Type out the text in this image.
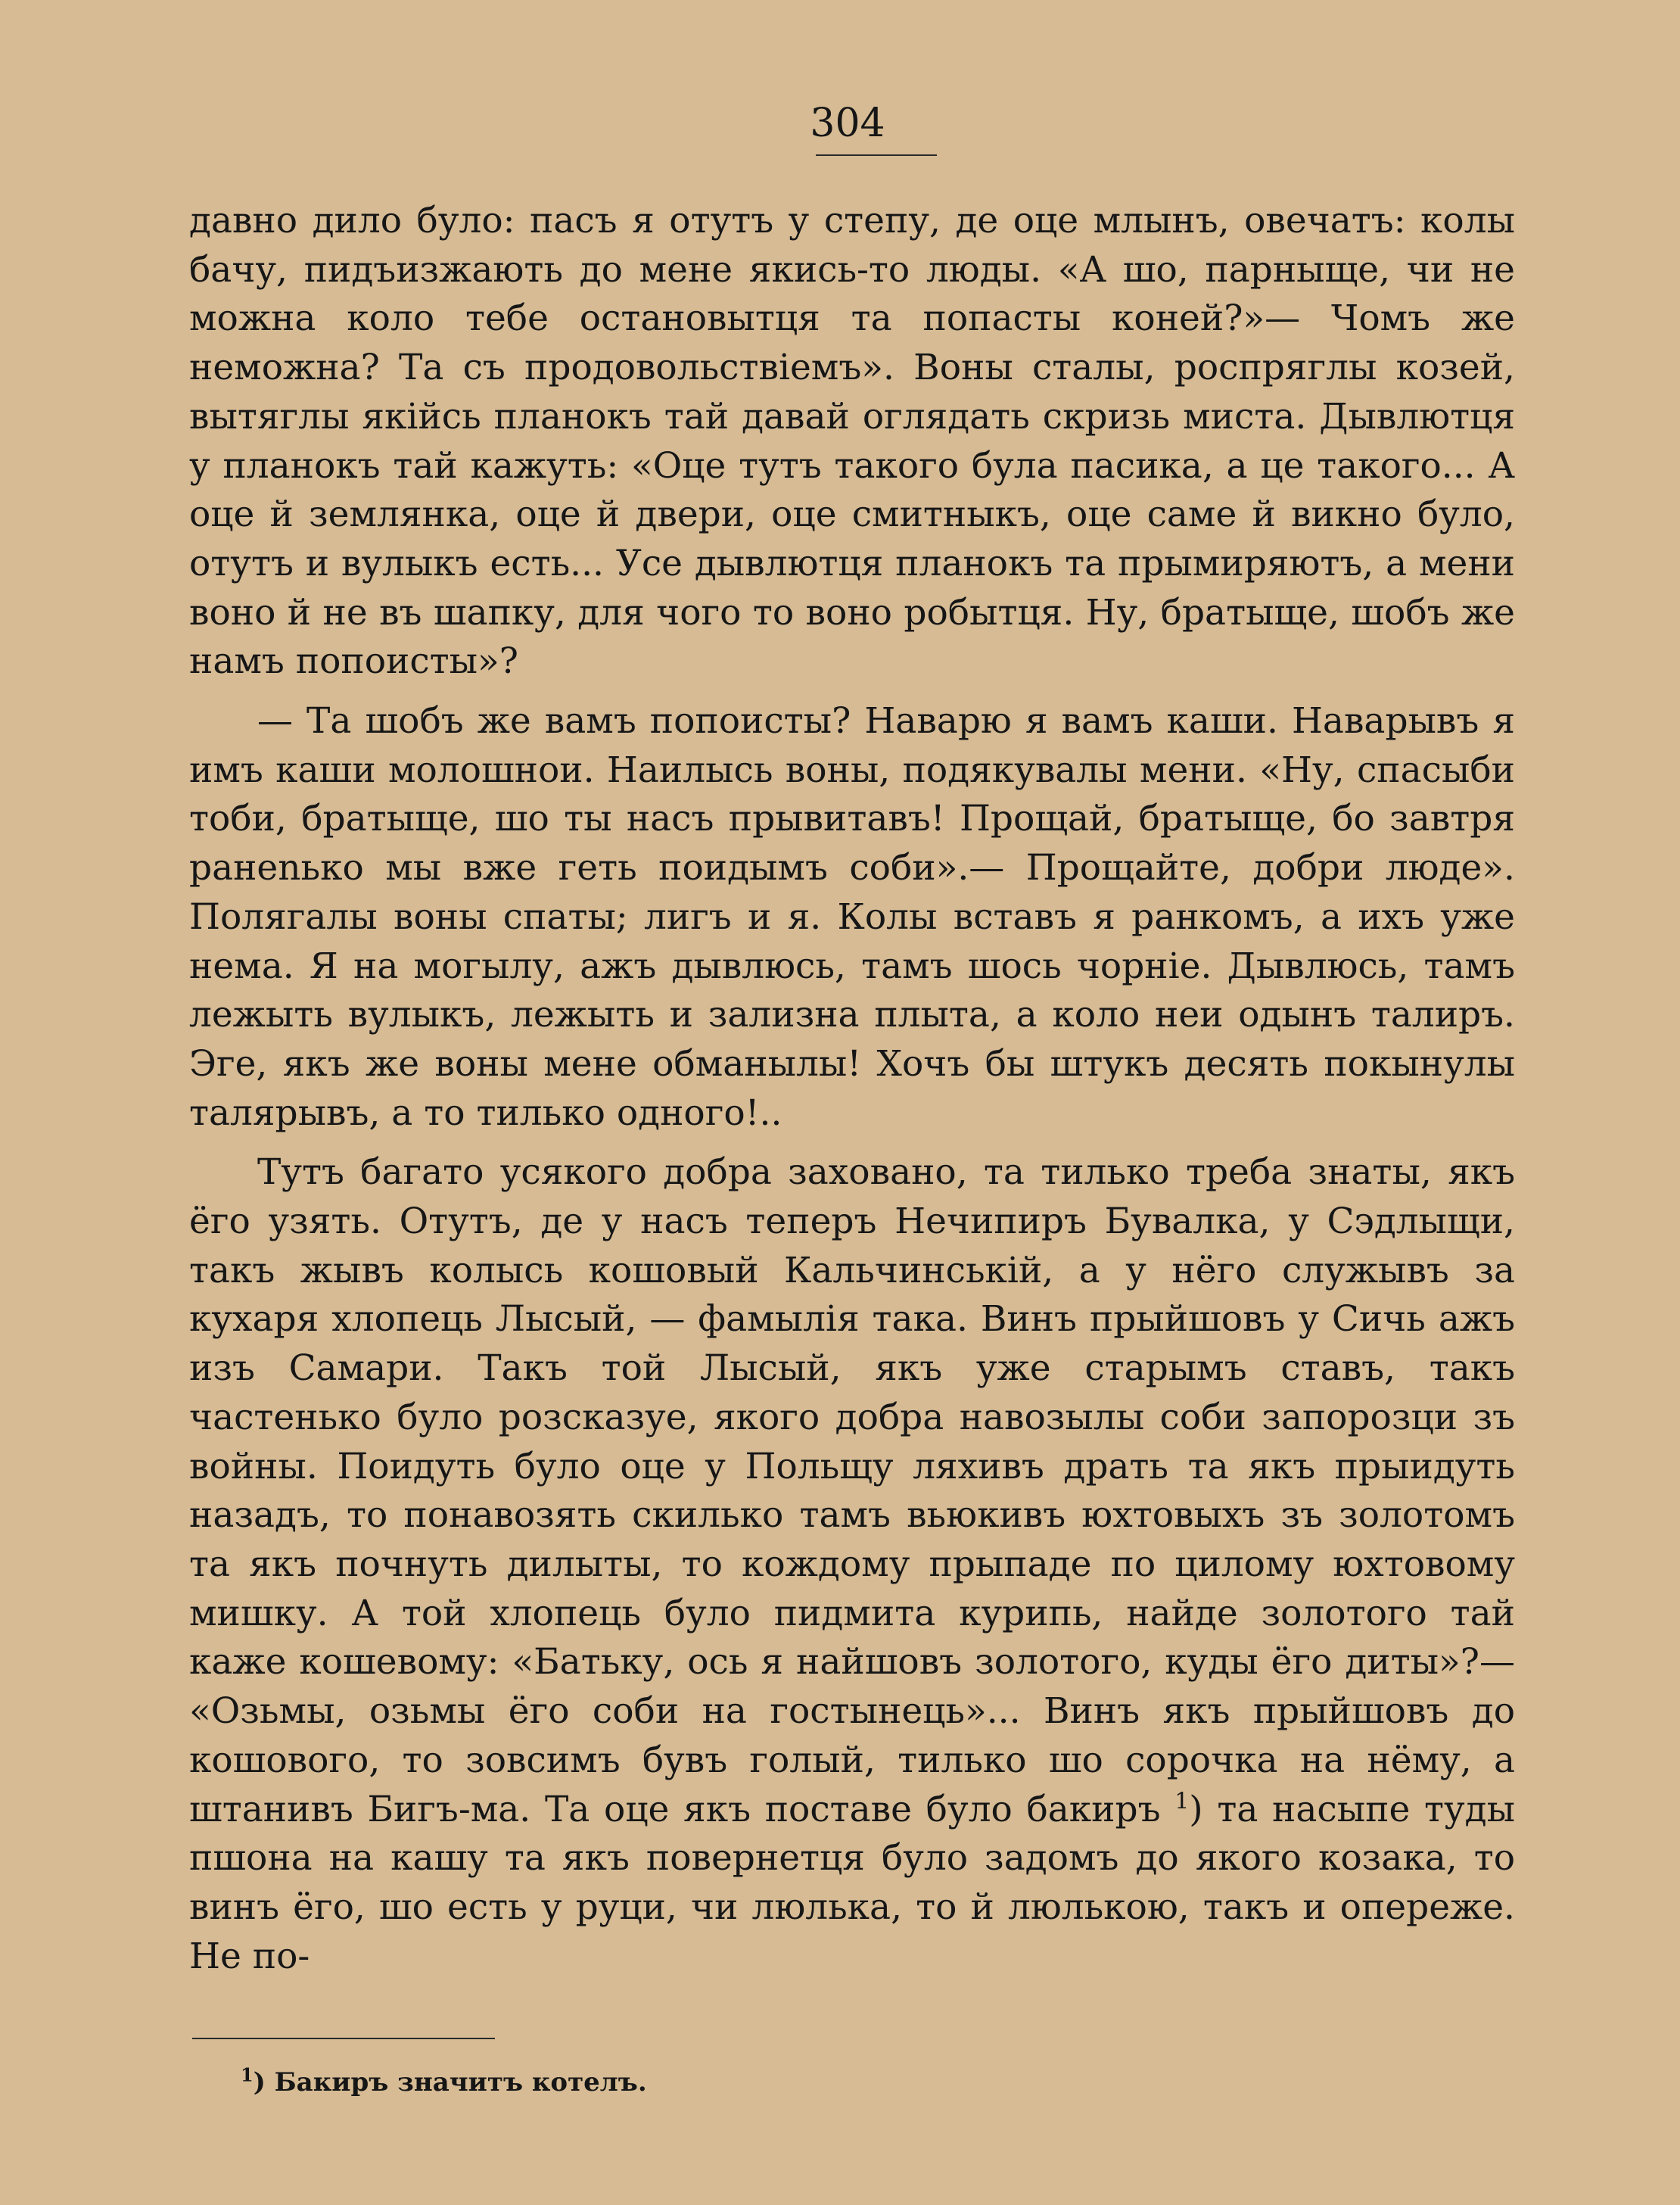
304

давно дило було: пасъ я отутъ у степу, де оце млынъ, овечатъ: колы бачу, пидъизжають до мене якись-то люды. «А шо, парныще, чи не можна коло тебе остановытця та попасты коней?»— Чомъ же неможна? Та съ продовольствіемъ». Воны сталы, роспряглы козей, вытяглы якійсь планокъ тай давай оглядать скризь миста. Дывлютця у планокъ тай кажуть: «Оце тутъ такого була пасика, а це такого... А оце й землянка, оце й двери, оце смитныкъ, оце саме й викно було, отутъ и вулыкъ есть... Усе дывлютця планокъ та прымиряютъ, а мени воно й не въ шапку, для чого то воно робытця. Ну, братыще, шобъ же намъ попоисты»?

— Та шобъ же вамъ попоисты? Наварю я вамъ каши. Наварывъ я имъ каши молошнои. Наилысь воны, подякувалы мени. «Ну, спасыби тоби, братыще, шо ты насъ прывитавъ! Прощай, братыще, бо завтря ранenько мы вже геть поидымъ соби».— Прощайте, добри люде». Полягалы воны спаты; лигъ и я. Колы вставъ я ранкомъ, а ихъ уже нема. Я на могылу, ажъ дывлюсь, тамъ шось чорніе. Дывлюсь, тамъ лежыть вулыкъ, лежыть и зализна плыта, а коло неи одынъ талиръ. Эге, якъ же воны мене обманылы! Хочъ бы штукъ десять покынулы талярывъ, а то тилько одного!..

Тутъ багато усякого добра заховано, та тилько треба знаты, якъ ёго узять. Отутъ, де у насъ теперъ Нечипиръ Бувалка, у Сэдлыщи, такъ жывъ колысь кошовый Кальчинській, а у нёго служывъ за кухаря хлопець Лысый, — фамылія така. Винъ прыйшовъ у Сичь ажъ изъ Самари. Такъ той Лысый, якъ уже старымъ ставъ, такъ частенько було розсказуе, якого добра навозылы соби запорозци зъ войны. Поидуть було оце у Польщу ляхивъ драть та якъ прыидуть назадъ, то понавозять скилько тамъ вьюкивъ юхтовыхъ зъ золотомъ та якъ почнуть дилыты, то кождому прыпаде по цилому юхтовому мишку. А той хлопець було пидмита курипь, найде золотого тай каже кошевому: «Батьку, ось я найшовъ золотого, куды ёго диты»?— «Озьмы, озьмы ёго соби на гостынець»... Винъ якъ прыйшовъ до кошового, то зовсимъ бувъ голый, тилько шо сорочка на нёму, а штанивъ Бигъ-ма. Та оце якъ поставе було бакиръ $^1$) та насыпе туды пшона на кашу та якъ повернетця було задомъ до якого козака, то винъ ёго, шо есть у руци, чи люлька, то й люлькою, такъ и опереже. Не по-

$^1$) Бакиръ значитъ котелъ.
